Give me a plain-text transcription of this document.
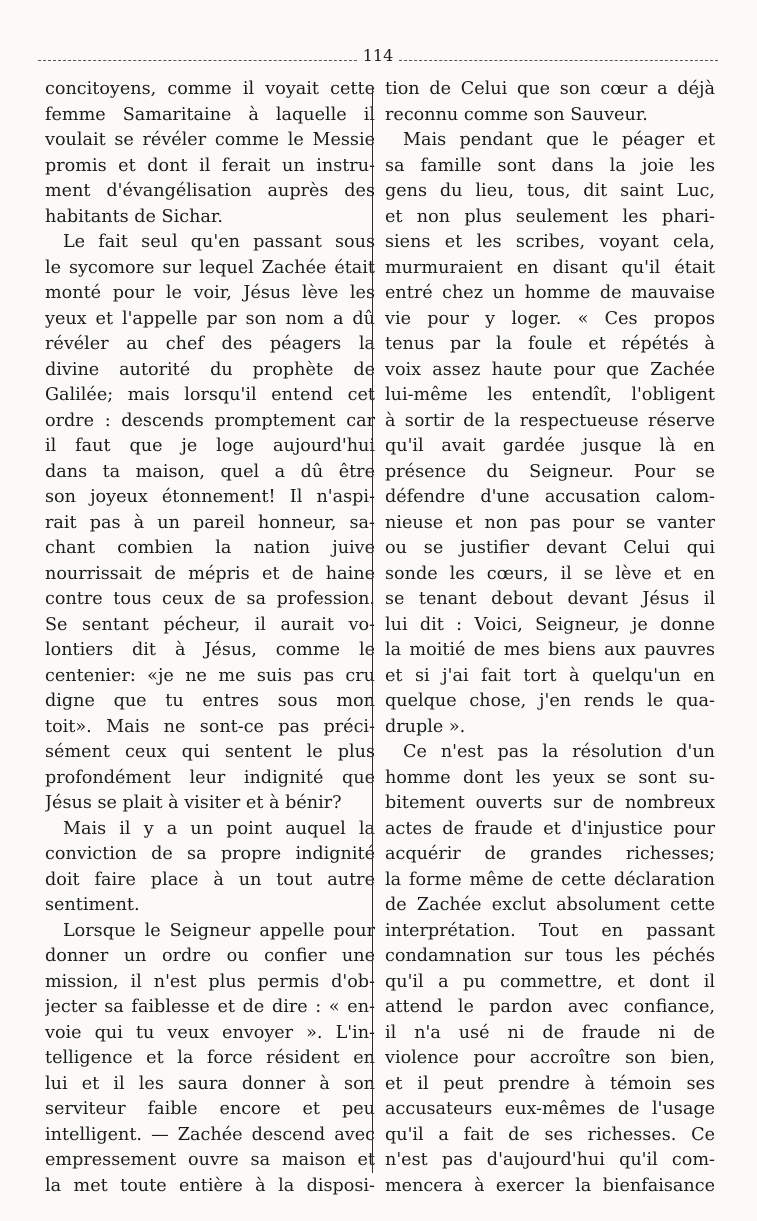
114
concitoyens, comme il voyait cette
femme Samaritaine à laquelle il
voulait se révéler comme le Messie
promis et dont il ferait un instru-
ment d'évangélisation auprès des
habitants de Sichar.
Le fait seul qu'en passant sous
le sycomore sur lequel Zachée était
monté pour le voir, Jésus lève les
yeux et l'appelle par son nom a dû
révéler au chef des péagers la
divine autorité du prophète de
Galilée; mais lorsqu'il entend cet
ordre : descends promptement car
il faut que je loge aujourd'hui
dans ta maison, quel a dû être
son joyeux étonnement! Il n'aspi-
rait pas à un pareil honneur, sa-
chant combien la nation juive
nourrissait de mépris et de haine
contre tous ceux de sa profession.
Se sentant pécheur, il aurait vo-
lontiers dit à Jésus, comme le
centenier: «je ne me suis pas cru
digne que tu entres sous mon
toit». Mais ne sont-ce pas préci-
sément ceux qui sentent le plus
profondément leur indignité que
Jésus se plait à visiter et à bénir?
Mais il y a un point auquel la
conviction de sa propre indignité
doit faire place à un tout autre
sentiment.
Lorsque le Seigneur appelle pour
donner un ordre ou confier une
mission, il n'est plus permis d'ob-
jecter sa faiblesse et de dire : « en-
voie qui tu veux envoyer ». L'in-
telligence et la force résident en
lui et il les saura donner à son
serviteur faible encore et peu
intelligent. — Zachée descend avec
empressement ouvre sa maison et
la met toute entière à la disposi-
tion de Celui que son cœur a déjà
reconnu comme son Sauveur.
Mais pendant que le péager et
sa famille sont dans la joie les
gens du lieu, tous, dit saint Luc,
et non plus seulement les phari-
siens et les scribes, voyant cela,
murmuraient en disant qu'il était
entré chez un homme de mauvaise
vie pour y loger. « Ces propos
tenus par la foule et répétés à
voix assez haute pour que Zachée
lui-même les entendît, l'obligent
à sortir de la respectueuse réserve
qu'il avait gardée jusque là en
présence du Seigneur. Pour se
défendre d'une accusation calom-
nieuse et non pas pour se vanter
ou se justifier devant Celui qui
sonde les cœurs, il se lève et en
se tenant debout devant Jésus il
lui dit : Voici, Seigneur, je donne
la moitié de mes biens aux pauvres
et si j'ai fait tort à quelqu'un en
quelque chose, j'en rends le qua-
druple ».
Ce n'est pas la résolution d'un
homme dont les yeux se sont su-
bitement ouverts sur de nombreux
actes de fraude et d'injustice pour
acquérir de grandes richesses;
la forme même de cette déclaration
de Zachée exclut absolument cette
interprétation. Tout en passant
condamnation sur tous les péchés
qu'il a pu commettre, et dont il
attend le pardon avec confiance,
il n'a usé ni de fraude ni de
violence pour accroître son bien,
et il peut prendre à témoin ses
accusateurs eux-mêmes de l'usage
qu'il a fait de ses richesses. Ce
n'est pas d'aujourd'hui qu'il com-
mencera à exercer la bienfaisance
